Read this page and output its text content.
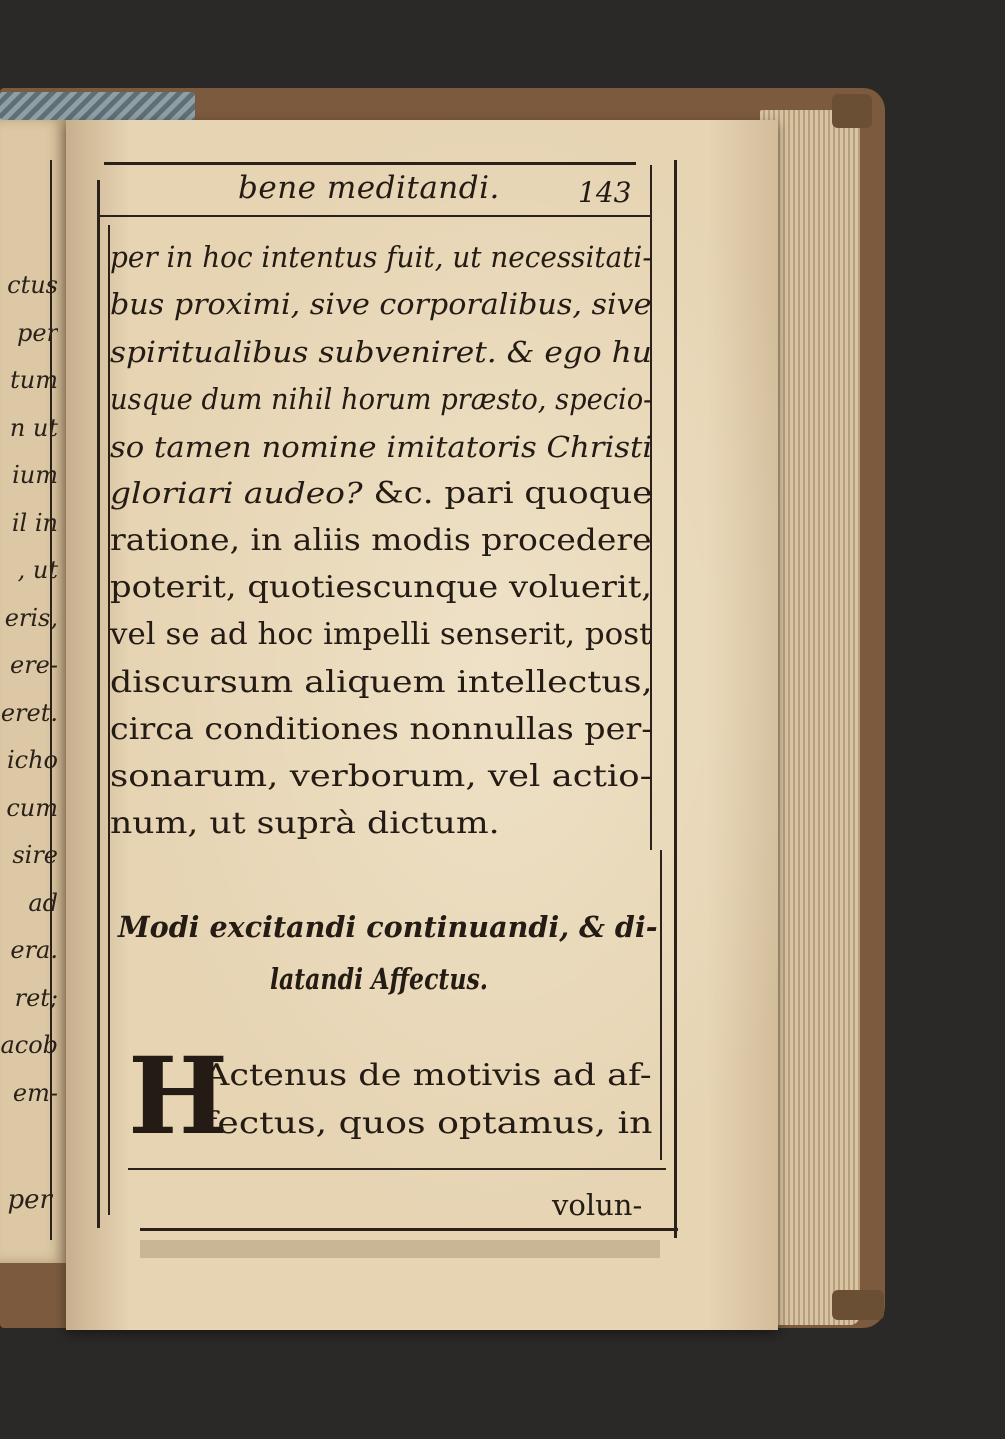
ctus
per
tum
n ut
ium
il in
, ut
eris,
ere-
eret.
icho
cum
sire
ad
era.
ret;
acob
em-
per
bene meditandi.	143
per in hoc intentus fuit, ut necessitati-
bus proximi, sive corporalibus, sive
spiritualibus subveniret. & ego hu
usque dum nihil horum præsto, specio-
so tamen nomine imitatoris Christi
gloriari audeo? &c. pari quoque
ratione, in aliis modis procedere
poterit, quotiescunque voluerit,
vel se ad hoc impelli senserit, post
discursum aliquem intellectus,
circa conditiones nonnullas per-
sonarum, verborum, vel actio-
num, ut suprà dictum.
Modi excitandi continuandi, & di-
latandi Affectus.
H
Actenus de motivis ad af-
fectus, quos optamus, in
volun-
